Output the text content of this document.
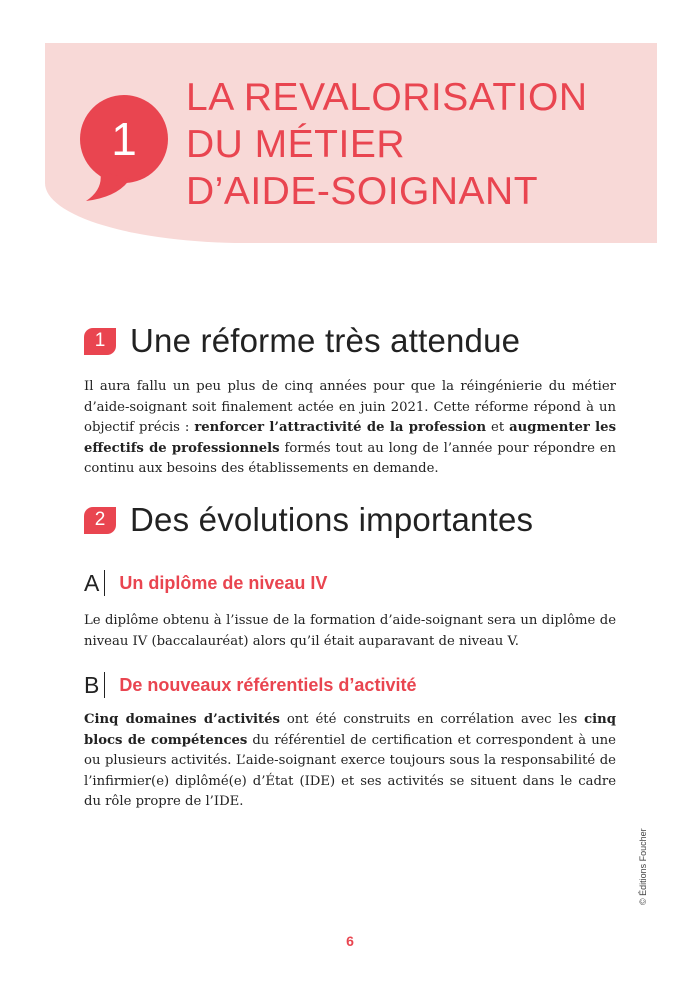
1
LA REVALORISATION
DU MÉTIER
D’AIDE-SOIGNANT
1 Une réforme très attendue

Il aura fallu un peu plus de cinq années pour que la réingénierie du métier d’aide-soignant soit finalement actée en juin 2021. Cette réforme répond à un objectif précis : renforcer l’attractivité de la profession et augmenter les effectifs de professionnels formés tout au long de l’année pour répondre en continu aux besoins des établissements en demande.

2 Des évolutions importantes
A	Un diplôme de niveau IV

Le diplôme obtenu à l’issue de la formation d’aide-soignant sera un diplôme de niveau IV (baccalauréat) alors qu’il était auparavant de niveau V.

B	De nouveaux référentiels d’activité

Cinq domaines d’activités ont été construits en corrélation avec les cinq blocs de compétences du référentiel de certification et correspondent à une ou plusieurs activités. L’aide-soignant exerce toujours sous la responsabilité de l’infirmier(e) diplômé(e) d’État (IDE) et ses activités se situent dans le cadre du rôle propre de l’IDE.

© Éditions Foucher
6
